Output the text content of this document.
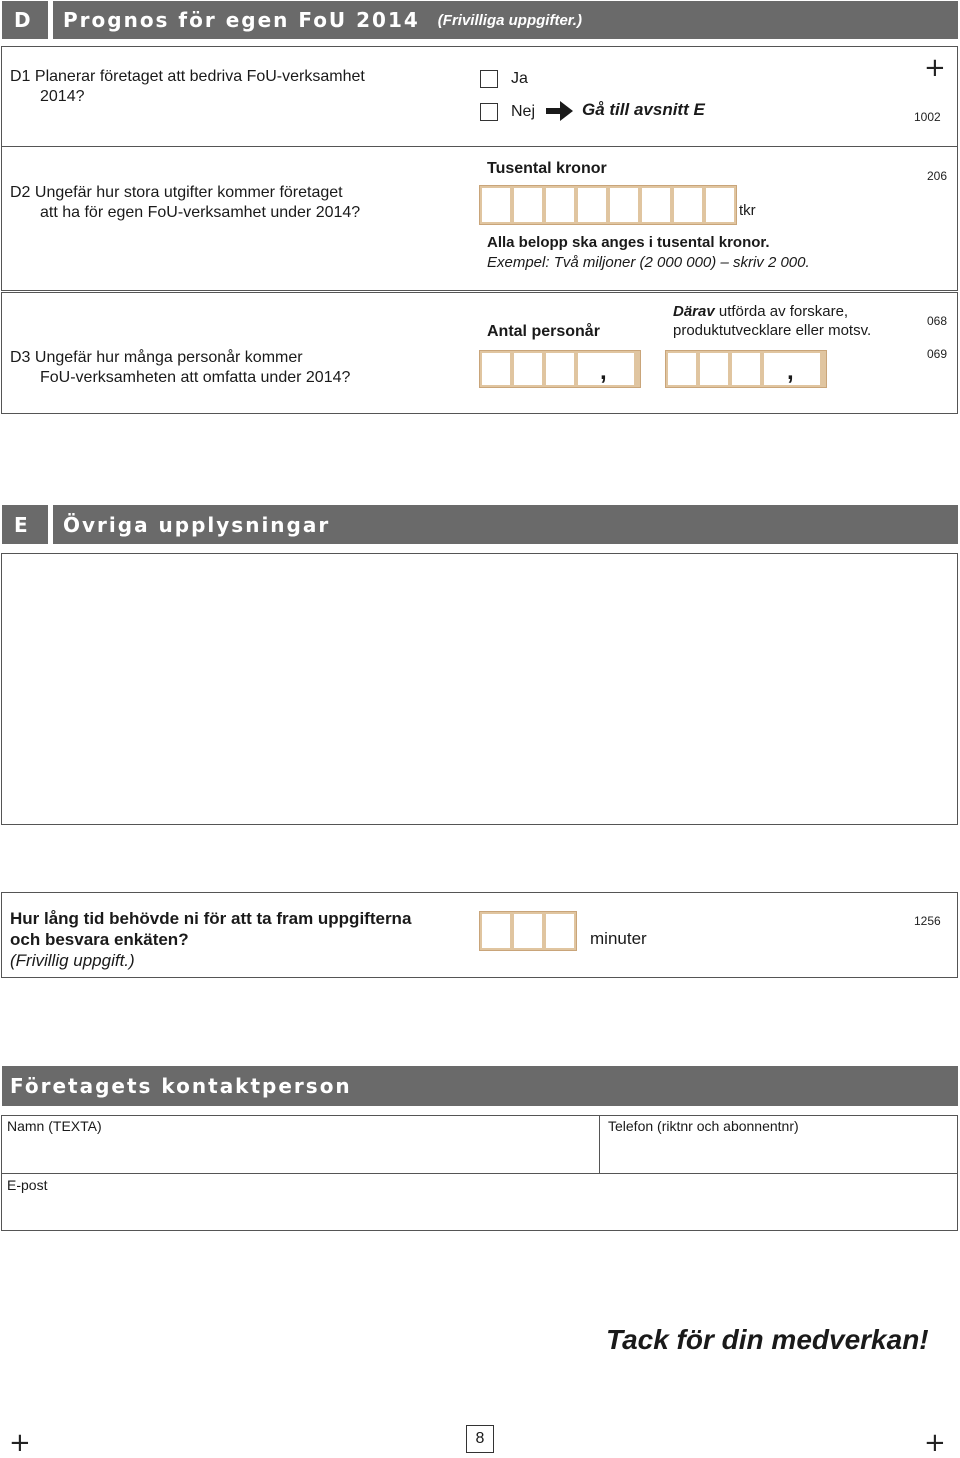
D Prognos för egen FoU 2014 (Frivilliga uppgifter.)
D1 Planerar företaget att bedriva FoU-verksamhet
2014?
Ja
Nej	Gå till avsnitt E
+
1002
D2 Ungefär hur stora utgifter kommer företaget
att ha för egen FoU-verksamhet under 2014?
Tusental kronor
tkr
Alla belopp ska anges i tusental kronor.
Exempel: Två miljoner (2 000 000) – skriv 2 000.
206
D3 Ungefär hur många personår kommer
FoU-verksamheten att omfatta under 2014?
Antal personår
Därav utförda av forskare,
produktutvecklare eller motsv.
,	,
068
069
E Övriga upplysningar
Hur lång tid behövde ni för att ta fram uppgifterna
och besvara enkäten?
(Frivillig uppgift.)
minuter
1256
Företagets kontaktperson
Namn (TEXTA)	Telefon (riktnr och abonnentnr)
E-post
Tack för din medverkan!
+	8	+
